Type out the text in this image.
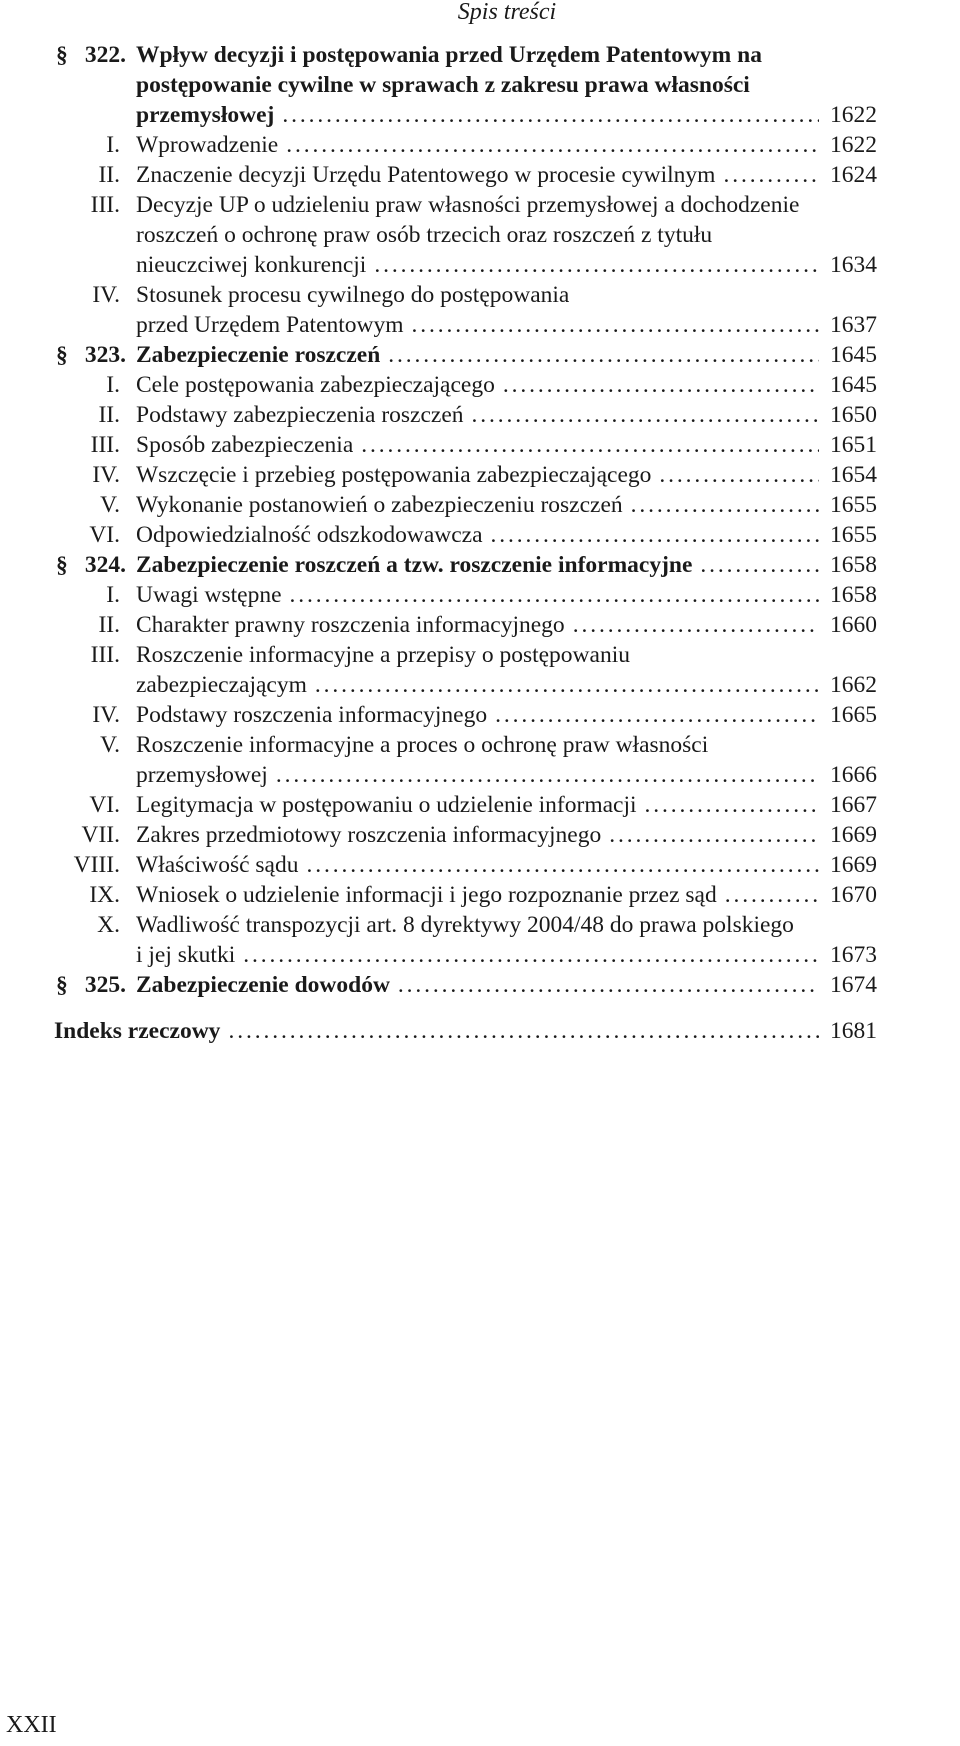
Spis treści
§ 322. Wpływ decyzji i postępowania przed Urzędem Patentowym na
postępowanie cywilne w sprawach z zakresu prawa własności
przemysłowej . . .	1622
I. Wprowadzenie . . .	1622
II. Znaczenie decyzji Urzędu Patentowego w procesie cywilnym . . .	1624
III. Decyzje UP o udzieleniu praw własności przemysłowej a dochodzenie
roszczeń o ochronę praw osób trzecich oraz roszczeń z tytułu
nieuczciwej konkurencji . . .	1634
IV. Stosunek procesu cywilnego do postępowania
przed Urzędem Patentowym . . .	1637
§ 323. Zabezpieczenie roszczeń . . .	1645
I. Cele postępowania zabezpieczającego . . .	1645
II. Podstawy zabezpieczenia roszczeń . . .	1650
III. Sposób zabezpieczenia . . .	1651
IV. Wszczęcie i przebieg postępowania zabezpieczającego . . .	1654
V. Wykonanie postanowień o zabezpieczeniu roszczeń . . .	1655
VI. Odpowiedzialność odszkodowawcza . . .	1655
§ 324. Zabezpieczenie roszczeń a tzw. roszczenie informacyjne . . .	1658
I. Uwagi wstępne . . .	1658
II. Charakter prawny roszczenia informacyjnego . . .	1660
III. Roszczenie informacyjne a przepisy o postępowaniu
zabezpieczającym . . .	1662
IV. Podstawy roszczenia informacyjnego . . .	1665
V. Roszczenie informacyjne a proces o ochronę praw własności
przemysłowej . . .	1666
VI. Legitymacja w postępowaniu o udzielenie informacji . . .	1667
VII. Zakres przedmiotowy roszczenia informacyjnego . . .	1669
VIII. Właściwość sądu . . .	1669
IX. Wniosek o udzielenie informacji i jego rozpoznanie przez sąd . . .	1670
X. Wadliwość transpozycji art. 8 dyrektywy 2004/48 do prawa polskiego
i jej skutki . . .	1673
§ 325. Zabezpieczenie dowodów . . .	1674
Indeks rzeczowy . . .	1681
XXII
